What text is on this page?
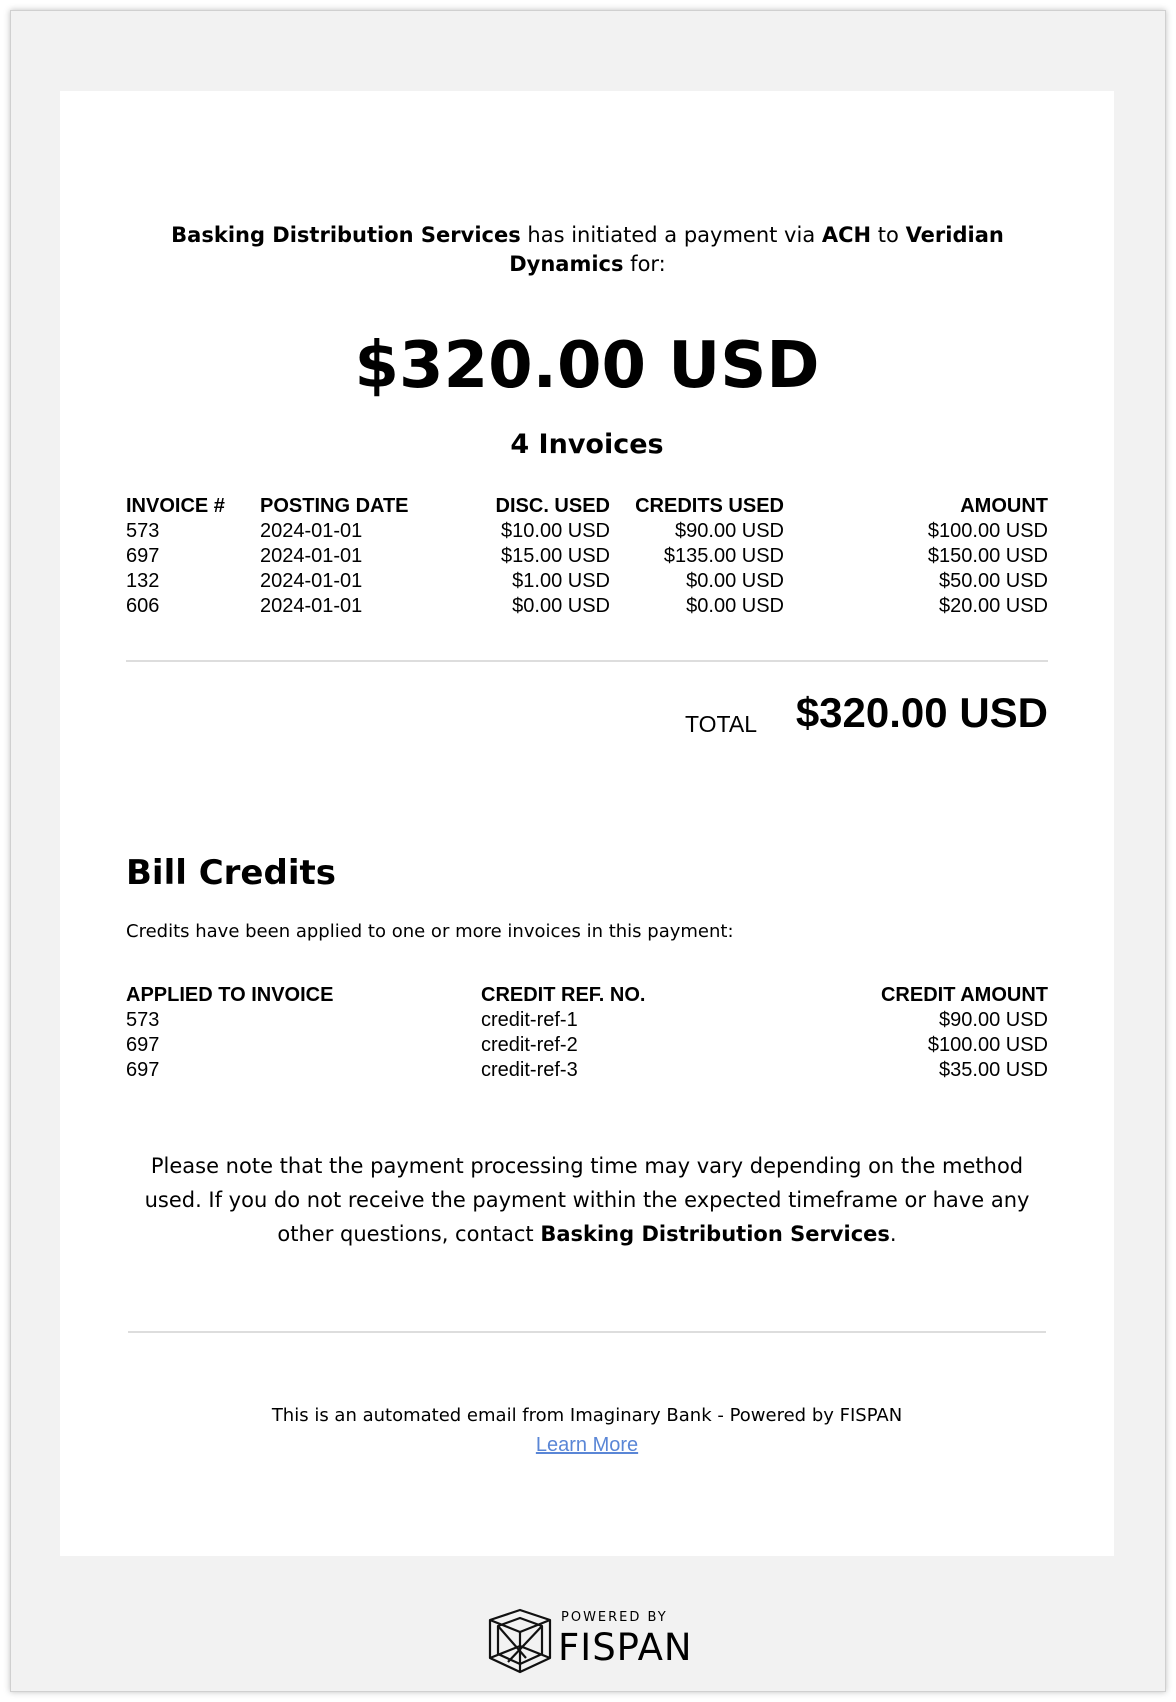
Basking Distribution Services has initiated a payment via ACH to Veridian Dynamics for:
$320.00 USD
4 Invoices
INVOICE #	POSTING DATE	DISC. USED	CREDITS USED	AMOUNT
573	2024-01-01	$10.00 USD	$90.00 USD	$100.00 USD
697	2024-01-01	$15.00 USD	$135.00 USD	$150.00 USD
132	2024-01-01	$1.00 USD	$0.00 USD	$50.00 USD
606	2024-01-01	$0.00 USD	$0.00 USD	$20.00 USD
TOTAL $320.00 USD
Bill Credits
Credits have been applied to one or more invoices in this payment:
APPLIED TO INVOICE	CREDIT REF. NO.	CREDIT AMOUNT
573	credit-ref-1	$90.00 USD
697	credit-ref-2	$100.00 USD
697	credit-ref-3	$35.00 USD
Please note that the payment processing time may vary depending on the method used. If you do not receive the payment within the expected timeframe or have any other questions, contact Basking Distribution Services.
This is an automated email from Imaginary Bank - Powered by FISPAN
Learn More
POWERED BY
FISPAN
